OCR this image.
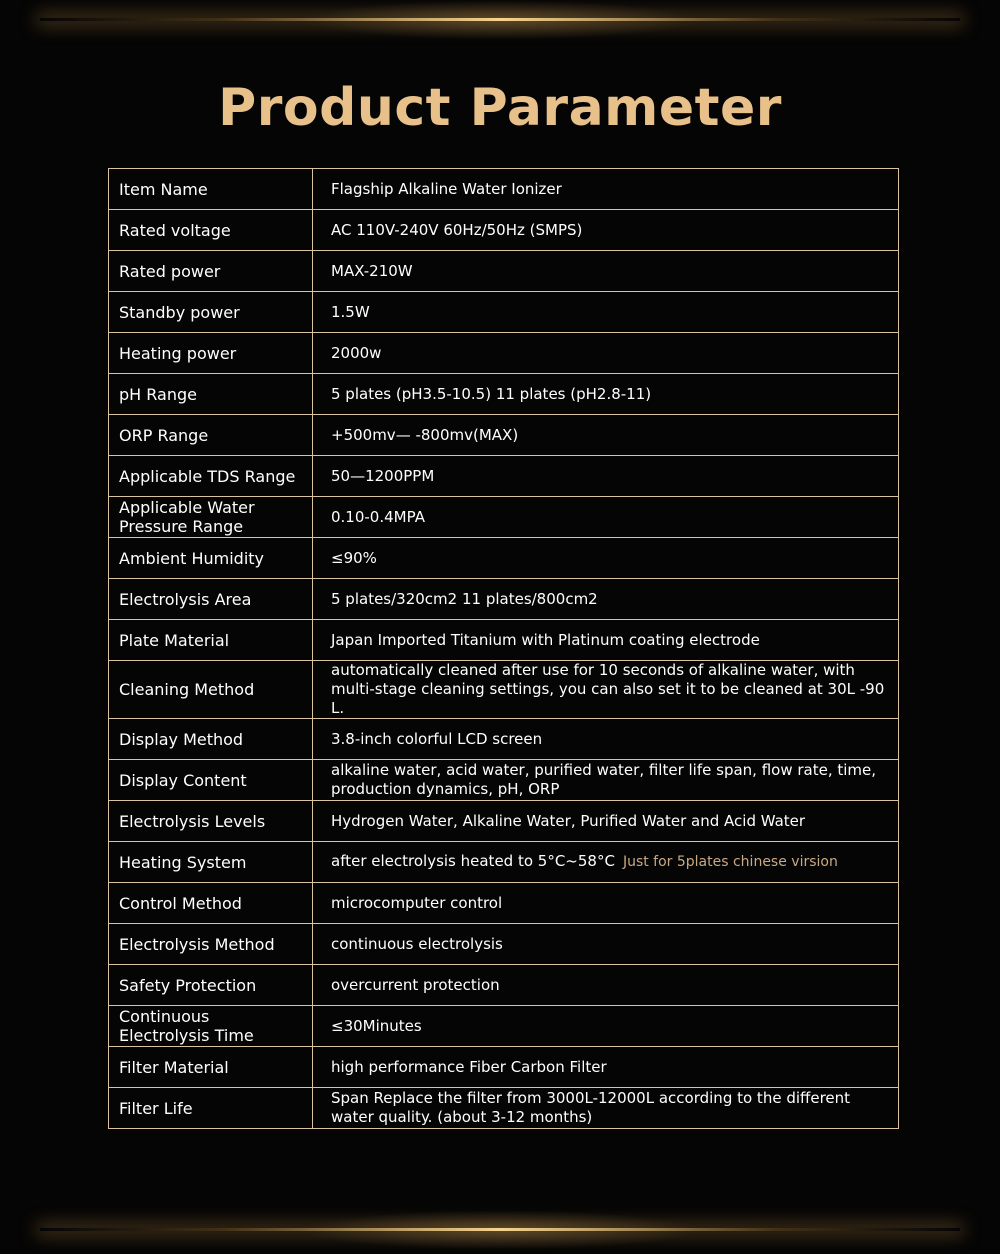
Product Parameter
Item Name	Flagship Alkaline Water Ionizer
Rated voltage	AC 110V-240V 60Hz/50Hz (SMPS)
Rated power	MAX-210W
Standby power	1.5W
Heating power	2000w
pH Range	5 plates (pH3.5-10.5) 11 plates (pH2.8-11)
ORP Range	+500mv— -800mv(MAX)
Applicable TDS Range	50—1200PPM
Applicable Water Pressure Range	0.10-0.4MPA
Ambient Humidity	≤90%
Electrolysis Area	5 plates/320cm2 11 plates/800cm2
Plate Material	Japan Imported Titanium with Platinum coating electrode
Cleaning Method	automatically cleaned after use for 10 seconds of alkaline water, with multi-stage cleaning settings, you can also set it to be cleaned at 30L -90 L.
Display Method	3.8-inch colorful LCD screen
Display Content	alkaline water, acid water, purified water, filter life span, flow rate, time, production dynamics, pH, ORP
Electrolysis Levels	Hydrogen Water, Alkaline Water, Purified Water and Acid Water
Heating System	after electrolysis heated to 5°C~58°C Just for 5plates chinese virsion
Control Method	microcomputer control
Electrolysis Method	continuous electrolysis
Safety Protection	overcurrent protection
Continuous Electrolysis Time	≤30Minutes
Filter Material	high performance Fiber Carbon Filter
Filter Life	Span Replace the filter from 3000L-12000L according to the different water quality. (about 3-12 months)
